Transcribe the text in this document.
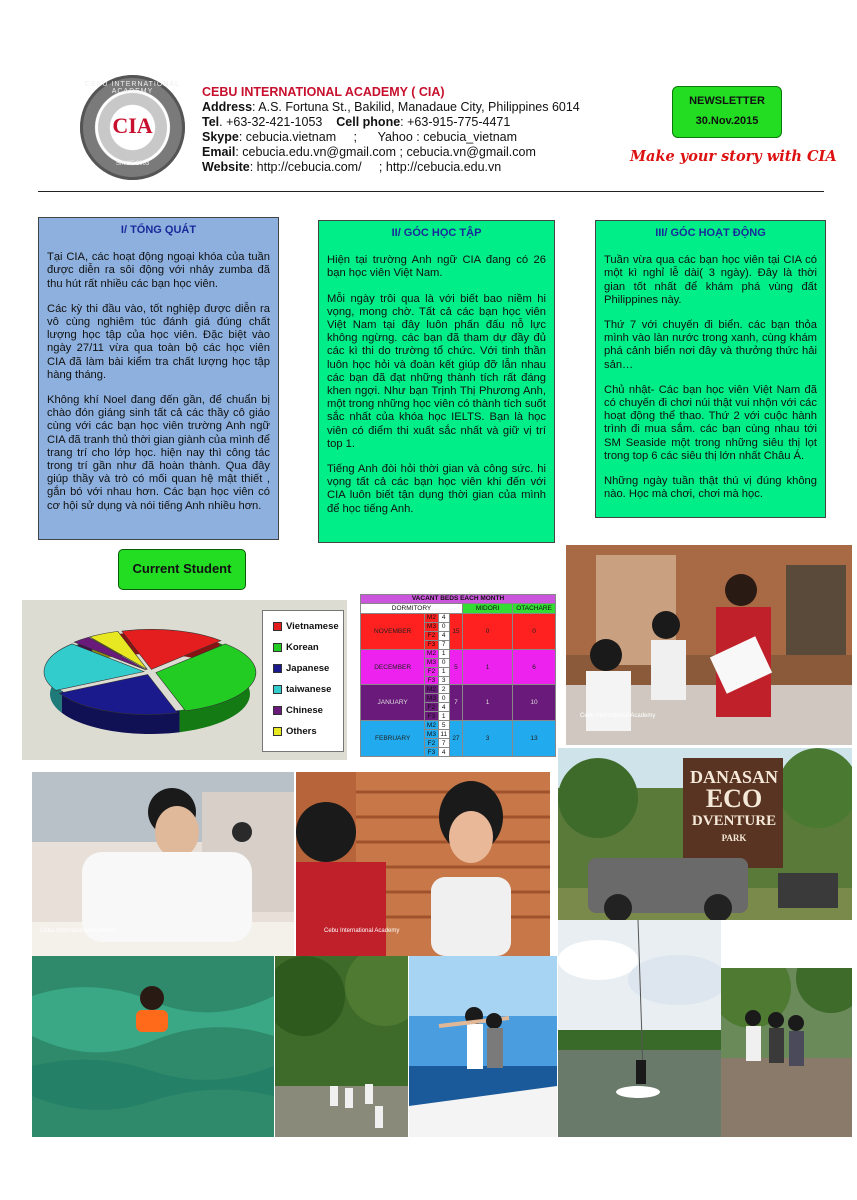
CEBU INTERNATIONAL ACADEMY
CIA
SINCE 2003
CEBU INTERNATIONAL ACADEMY ( CIA)
Address: A.S. Fortuna St., Bakilid, Manadaue City, Philippines 6014
Tel. +63-32-421-1053 Cell phone: +63-915-775-4471
Skype: cebucia.vietnam     ;      Yahoo : cebucia_vietnam
Email: cebucia.edu.vn@gmail.com ; cebucia.vn@gmail.com
Website: http://cebucia.com/     ; http://cebucia.edu.vn
NEWSLETTER
30.Nov.2015
Make your story with CIA
I/ TỔNG QUÁT

Tại CIA, các hoạt động ngoại khóa của tuần được diễn ra sôi động với nhảy zumba đã thu hút rất nhiều các bạn học viên.

Các kỳ thi đầu vào, tốt nghiệp được diễn ra vô cùng nghiêm túc đánh giá đúng chất lượng học tập của học viên. Đặc biệt vào ngày 27/11 vừa qua toàn bộ các học viên CIA đã làm bài kiểm tra chất lượng học tập hàng tháng.

Không khí Noel đang đến gần, để chuẩn bị chào đón giáng sinh tất cả các thầy cô giáo cùng với các bạn học viên trường Anh ngữ CIA đã tranh thủ thời gian giành của mình để trang trí cho lớp học. hiện nay thì công tác trong trí gần như đã hoàn thành. Qua đây giúp thầy và trò có mối quan hệ mật thiết , gắn bó với nhau hơn. Các bạn học viên có cơ hội sử dụng và nói tiếng Anh nhiều hơn.

II/ GÓC HỌC TẬP

Hiện tại trường Anh ngữ CIA đang có 26 bạn học viên Việt Nam.

Mỗi ngày trôi qua là với biết bao niềm hi vọng, mong chờ. Tất cả các bạn học viên Việt Nam tại đây luôn phấn đấu nỗ lực không ngừng. các bạn đã tham dự đầy đủ các kì thi do trường tổ chức. Với tinh thần luôn học hỏi và đoàn kết giúp đỡ lẫn nhau các bạn đã đạt những thành tích rất đáng khen ngợi. Như bạn Trịnh Thị Phương Anh, một trong những học viên có thành tích suốt sắc nhất của khóa học IELTS. Bạn là học viên có điểm thi xuất sắc nhất và giữ vị trí top 1.

Tiếng Anh đòi hỏi thời gian và công sức. hi vọng tất cả các bạn học viên khi đến với CIA luôn biết tận dụng thời gian của mình để học tiếng Anh.

III/ GÓC HOẠT ĐỘNG

Tuần vừa qua các bạn học viên tại CIA có một kì nghỉ lễ dài( 3 ngày). Đây là thời gian tốt nhất để khám phá vùng đất Philippines này.

Thứ 7 với chuyến đi biển. các bạn thỏa mình vào làn nước trong xanh, cùng khám phá cảnh biển nơi đây và thưởng thức hải sản…

Chủ nhật- Các bạn học viên Việt Nam đã có chuyến đi chơi núi thật vui nhộn với các hoạt động thể thao. Thứ 2 với cuộc hành trình đi mua sắm. các bạn cùng nhau tới SM Seaside một trong những siêu thị lọt trong top 6 các siêu thị lớn nhất Châu Á.

Những ngày tuần thật thú vị đúng không nào. Học mà chơi, chơi mà học.

Current Student
Vietnamese
Korean
Japanese
taiwanese
Chinese
Others
VACANT BEDS EACH MONTH					
DORMITORY				MIDORI	OTACHARE
NOVEMBER	M2	4	15	0	0
	M3	0			
	F2	4			
	F3	7			
DECEMBER	M2	1	5	1	6
	M3	0			
	F2	1			
	F3	3			
JANUARY	M2	2	7	1	10
	M3	0			
	F2	4			
	F3	1			
FEBRUARY	M2	5	27	3	13
	M3	11			
	F2	7			
	F3	4			
Cebu International Academy
Cebu International Academy	Cebu International Academy
DANASAN
ECO
DVENTURE
PARK
